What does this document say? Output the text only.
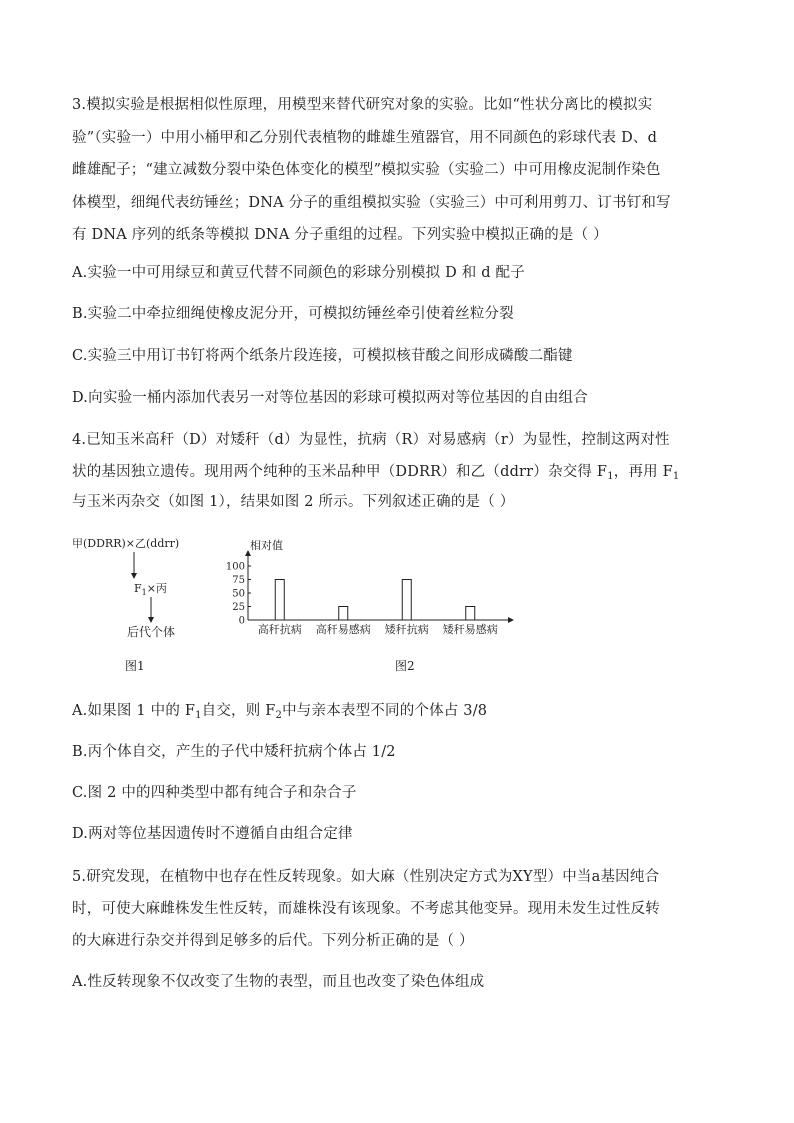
3.模拟实验是根据相似性原理，用模型来替代研究对象的实验。比如“性状分离比的模拟实
验”（实验一）中用小桶甲和乙分别代表植物的雌雄生殖器官，用不同颜色的彩球代表 D、d
雌雄配子；“建立减数分裂中染色体变化的模型”模拟实验（实验二）中可用橡皮泥制作染色
体模型，细绳代表纺锤丝；DNA 分子的重组模拟实验（实验三）中可利用剪刀、订书钉和写
有 DNA 序列的纸条等模拟 DNA 分子重组的过程。下列实验中模拟正确的是（ ）
A.实验一中可用绿豆和黄豆代替不同颜色的彩球分别模拟 D 和 d 配子
B.实验二中牵拉细绳使橡皮泥分开，可模拟纺锤丝牵引使着丝粒分裂
C.实验三中用订书钉将两个纸条片段连接，可模拟核苷酸之间形成磷酸二酯键
D.向实验一桶内添加代表另一对等位基因的彩球可模拟两对等位基因的自由组合
4.已知玉米高秆（D）对矮秆（d）为显性，抗病（R）对易感病（r）为显性，控制这两对性
状的基因独立遗传。现用两个纯种的玉米品种甲（DDRR）和乙（ddrr）杂交得 $F_1$，再用 $F_1$
与玉米丙杂交（如图 1），结果如图 2 所示。下列叙述正确的是（ ）
甲(DDRR)×乙(ddrr)
$F_1\times$丙
后代个体
图1
相对值
0
25
50
75
100
高秆抗病 高秆易感病 矮秆抗病 矮秆易感病
图2
A.如果图 1 中的 $F_1$自交，则 $F_2$中与亲本表型不同的个体占 3/8
B.丙个体自交，产生的子代中矮秆抗病个体占 1/2
C.图 2 中的四种类型中都有纯合子和杂合子
D.两对等位基因遗传时不遵循自由组合定律
5.研究发现，在植物中也存在性反转现象。如大麻（性别决定方式为XY型）中当a基因纯合
时，可使大麻雌株发生性反转，而雄株没有该现象。不考虑其他变异。现用未发生过性反转
的大麻进行杂交并得到足够多的后代。下列分析正确的是（ ）
A.性反转现象不仅改变了生物的表型，而且也改变了染色体组成
